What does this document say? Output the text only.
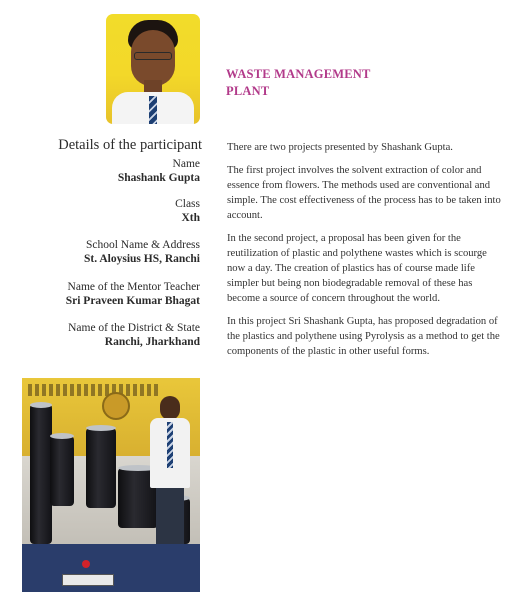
WASTE MANAGEMENT
PLANT
Details of the participant
Name
Shashank Gupta
Class
Xth
School Name & Address
St. Aloysius HS, Ranchi
Name of the Mentor Teacher
Sri Praveen Kumar Bhagat
Name of the District & State
Ranchi, Jharkhand

There are two projects presented by Shashank Gupta.

The first project involves the solvent extraction of color and essence from flowers. The methods used are conventional and simple. The cost effectiveness of the process has to be taken into account.

In the second project, a proposal has been given for the reutilization of plastic and polythene wastes which is scourge now a day. The creation of plastics has of course made life simpler but being non biodegradable removal of these has become a source of concern throughout the world.

In this project Sri Shashank Gupta, has proposed degradation of the plastics and polythene using Pyrolysis as a method to get the components of the plastic in other useful forms.
